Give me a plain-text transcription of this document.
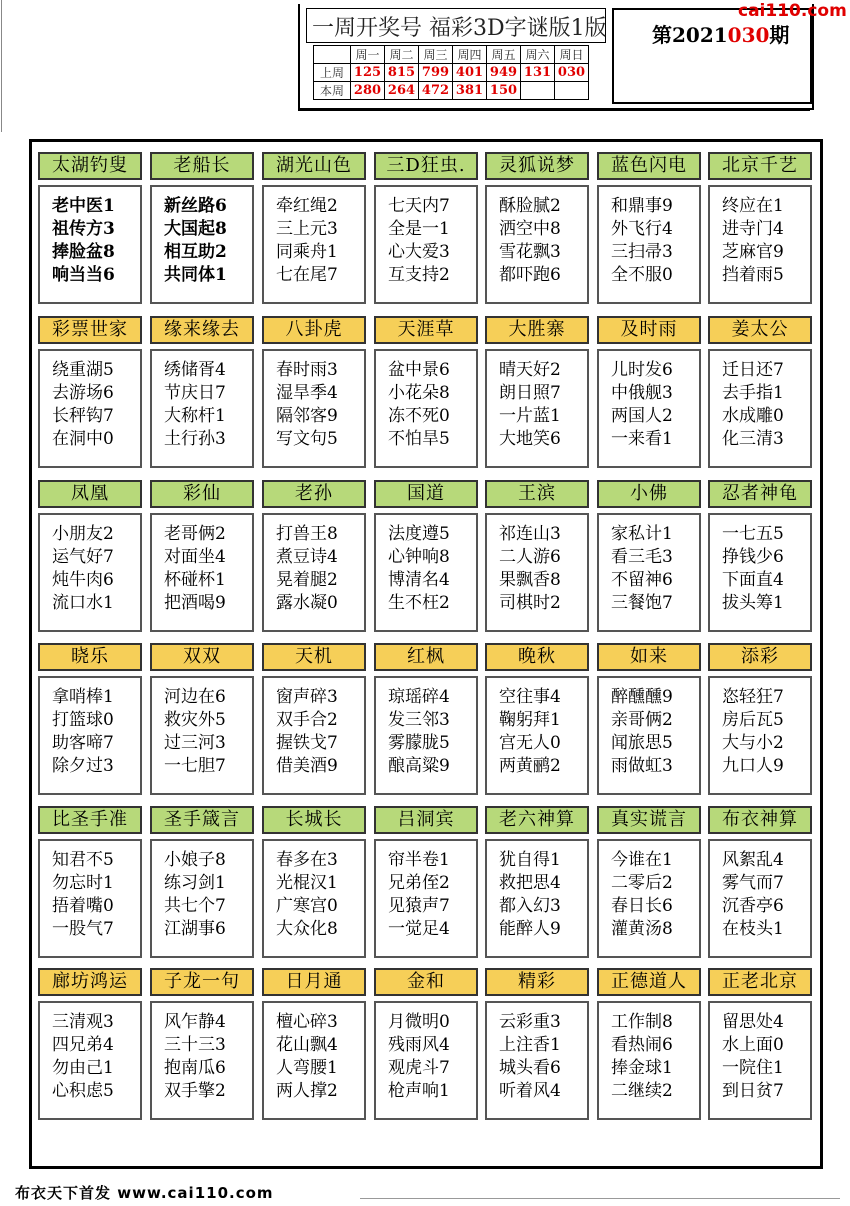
一周开奖号 福彩3D字谜版1版
	周一	周二	周三	周四	周五	周六	周日
上周	125	815	799	401	949	131	030
本周	280	264	472	381	150		
第2021030期
cai110.com
太湖钓叟
老中医1
祖传方3
捧脸盆8
响当当6
老船长
新丝路6
大国起8
相互助2
共同体1
湖光山色
牵红绳2
三上元3
同乘舟1
七在尾7
三D狂虫.
七天内7
全是一1
心大爱3
互支持2
灵狐说梦
酥脸腻2
洒空中8
雪花飘3
都吓跑6
蓝色闪电
和鼎事9
外飞行4
三扫帚3
全不服0
北京千艺
终应在1
进寺门4
芝麻官9
挡着雨5
彩票世家
绕重湖5
去游场6
长秤钩7
在洞中0
缘来缘去
绣储胥4
节庆日7
大称杆1
土行孙3
八卦虎
春时雨3
湿旱季4
隔邻客9
写文句5
天涯草
盆中景6
小花朵8
冻不死0
不怕旱5
大胜寨
晴天好2
朗日照7
一片蓝1
大地笑6
及时雨
儿时发6
中俄舰3
两国人2
一来看1
姜太公
迁日还7
去手指1
水成雕0
化三清3
凤凰
小朋友2
运气好7
炖牛肉6
流口水1
彩仙
老哥俩2
对面坐4
杯碰杯1
把酒喝9
老孙
打兽王8
煮豆诗4
晃着腿2
露水凝0
国道
法度遵5
心钟响8
博清名4
生不枉2
王滨
祁连山3
二人游6
果飘香8
司棋时2
小佛
家私计1
看三毛3
不留神6
三餐饱7
忍者神龟
一七五5
挣钱少6
下面直4
拔头筹1
晓乐
拿哨棒1
打篮球0
助客啼7
除夕过3
双双
河边在6
救灾外5
过三河3
一七胆7
天机
窗声碎3
双手合2
握铁戈7
借美酒9
红枫
琼瑶碎4
发三邻3
雾朦胧5
酿高粱9
晚秋
空往事4
鞠躬拜1
宫无人0
两黄鹂2
如来
醉醺醺9
亲哥俩2
闻旅思5
雨做虹3
添彩
恣轻狂7
房后瓦5
大与小2
九口人9
比圣手准
知君不5
勿忘时1
捂着嘴0
一股气7
圣手箴言
小娘子8
练习剑1
共七个7
江湖事6
长城长
春多在3
光棍汉1
广寒宫0
大众化8
吕洞宾
帘半卷1
兄弟侄2
见猿声7
一觉足4
老六神算
犹自得1
救把思4
都入幻3
能醉人9
真实谎言
今谁在1
二零后2
春日长6
灌黄汤8
布衣神算
风絮乱4
雾气而7
沉香亭6
在枝头1
廊坊鸿运
三清观3
四兄弟4
勿由己1
心积虑5
子龙一句
风乍静4
三十三3
抱南瓜6
双手擎2
日月通
檀心碎3
花山飘4
人弯腰1
两人撑2
金和
月微明0
残雨风4
观虎斗7
枪声响1
精彩
云彩重3
上注香1
城头看6
听着风4
正德道人
工作制8
看热闹6
捧金球1
二继续2
正老北京
留思处4
水上面0
一院住1
到日贫7
布衣天下首发 www.cai110.com
